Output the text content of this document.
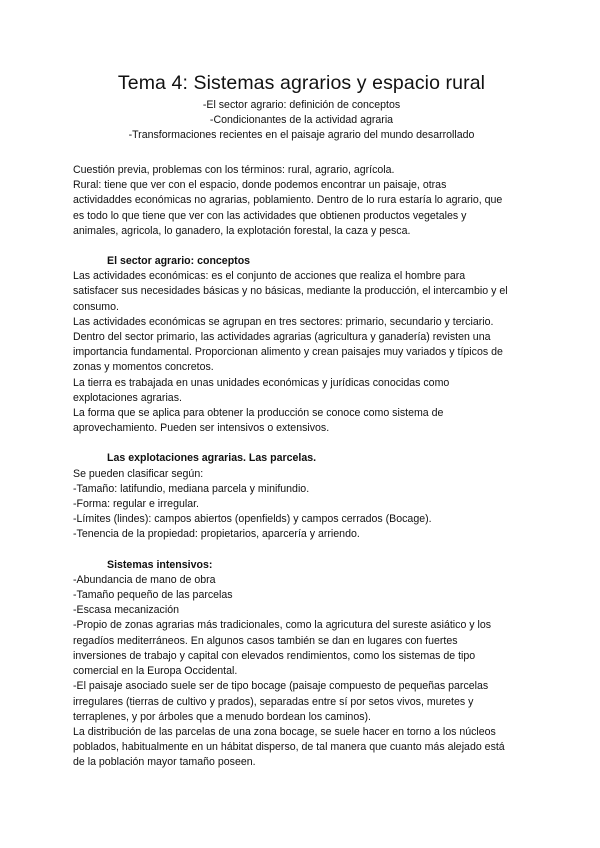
Tema 4: Sistemas agrarios y espacio rural
-El sector agrario: definición de conceptos
-Condicionantes de la actividad agraria
-Transformaciones recientes en el paisaje agrario del mundo desarrollado
Cuestión previa, problemas con los términos: rural, agrario, agrícola.
Rural: tiene que ver con el espacio, donde podemos encontrar un paisaje, otras
actividaddes económicas no agrarias, poblamiento. Dentro de lo rura estaría lo agrario, que
es todo lo que tiene que ver con las actividades que obtienen productos vegetales y
animales, agricola, lo ganadero, la explotación forestal, la caza y pesca.
El sector agrario: conceptos
Las actividades económicas: es el conjunto de acciones que realiza el hombre para
satisfacer sus necesidades básicas y no básicas, mediante la producción, el intercambio y el
consumo.
Las actividades económicas se agrupan en tres sectores: primario, secundario y terciario.
Dentro del sector primario, las actividades agrarias (agricultura y ganadería) revisten una
importancia fundamental. Proporcionan alimento y crean paisajes muy variados y típicos de
zonas y momentos concretos.
La tierra es trabajada en unas unidades económicas y jurídicas conocidas como
explotaciones agrarias.
La forma que se aplica para obtener la producción se conoce como sistema de
aprovechamiento. Pueden ser intensivos o extensivos.
Las explotaciones agrarias. Las parcelas.
Se pueden clasificar según:
-Tamaño: latifundio, mediana parcela y minifundio.
-Forma: regular e irregular.
-Límites (lindes): campos abiertos (openfields) y campos cerrados (Bocage).
-Tenencia de la propiedad: propietarios, aparcería y arriendo.
Sistemas intensivos:
-Abundancia de mano de obra
-Tamaño pequeño de las parcelas
-Escasa mecanización
-Propio de zonas agrarias más tradicionales, como la agricutura del sureste asiático y los
regadíos mediterráneos. En algunos casos también se dan en lugares con fuertes
inversiones de trabajo y capital con elevados rendimientos, como los sistemas de tipo
comercial en la Europa Occidental.
-El paisaje asociado suele ser de tipo bocage (paisaje compuesto de pequeñas parcelas
irregulares (tierras de cultivo y prados), separadas entre sí por setos vivos, muretes y
terraplenes, y por árboles que a menudo bordean los caminos).
La distribución de las parcelas de una zona bocage, se suele hacer en torno a los núcleos
poblados, habitualmente en un hábitat disperso, de tal manera que cuanto más alejado está
de la población mayor tamaño poseen.
